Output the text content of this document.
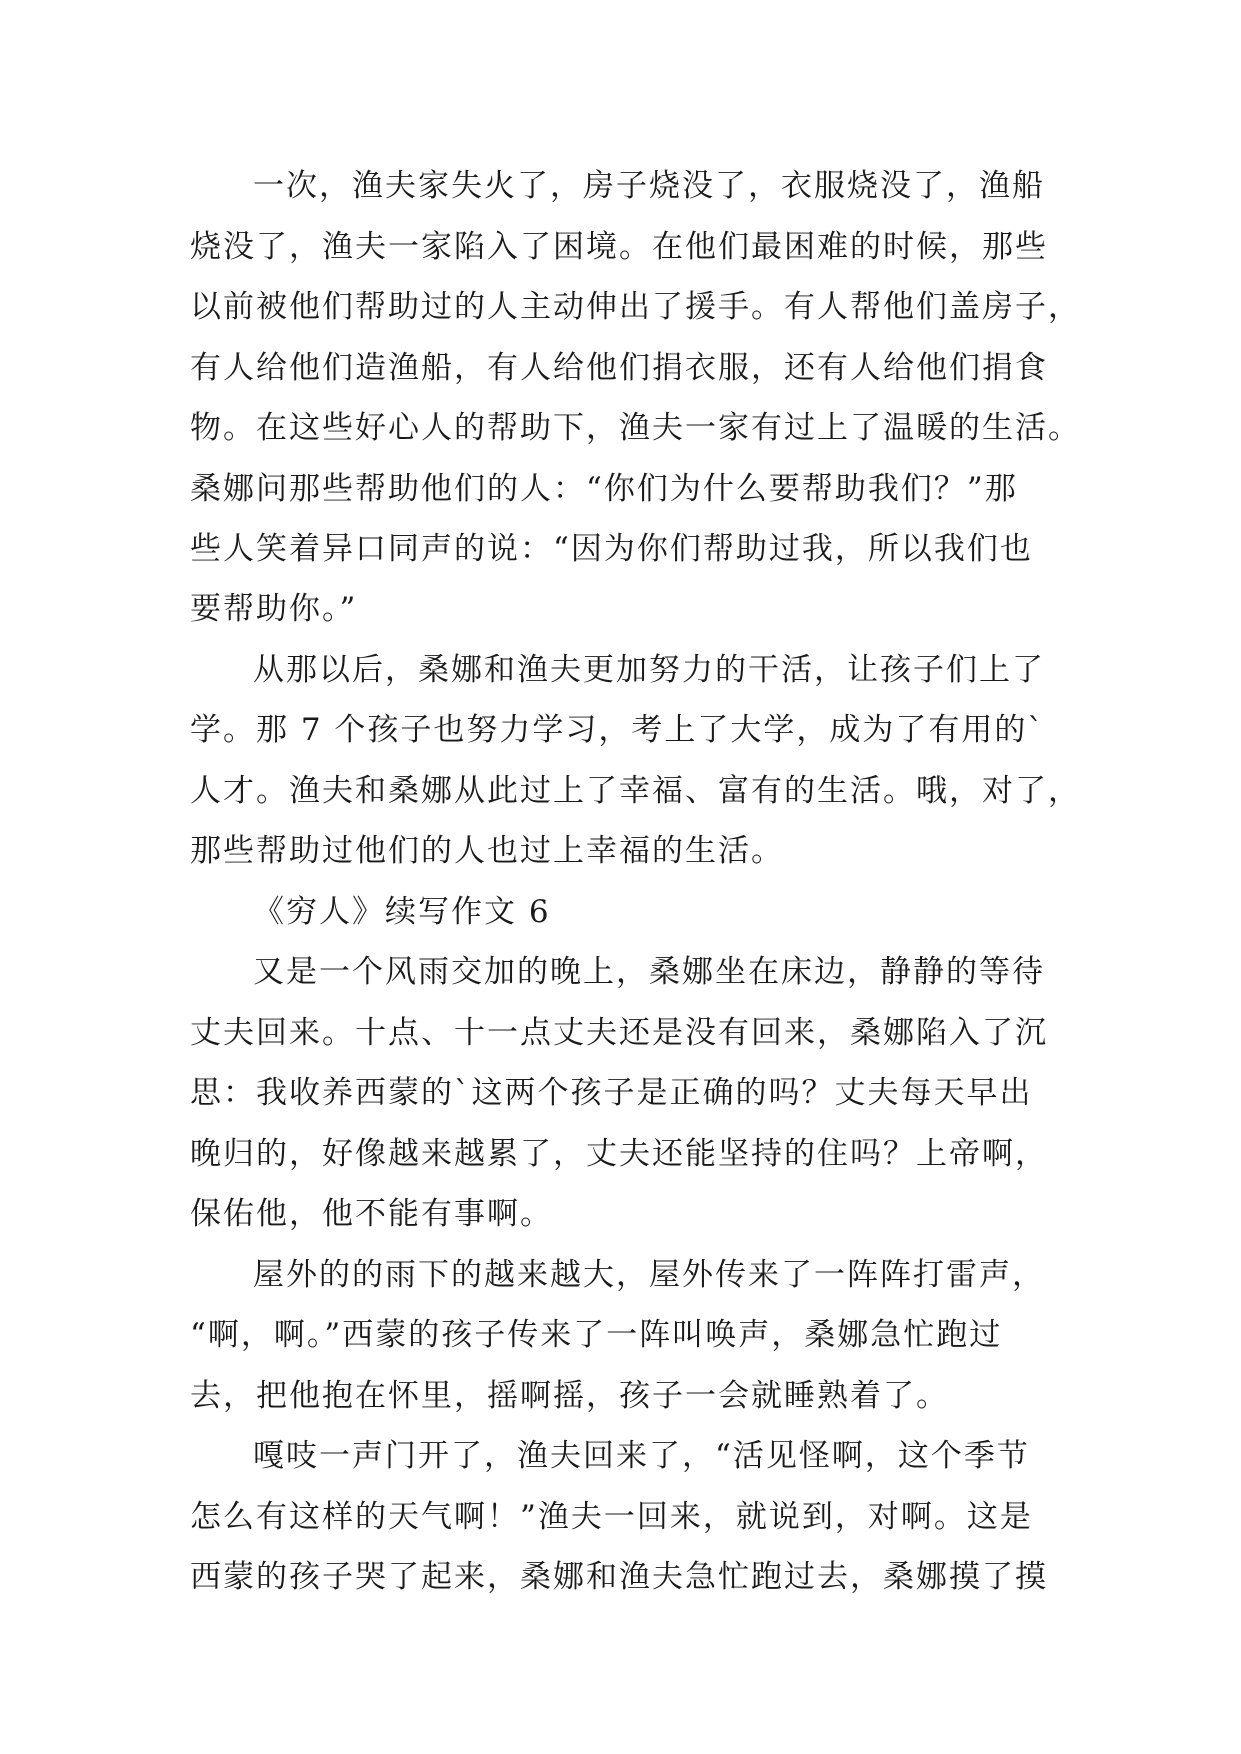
一次，渔夫家失火了，房子烧没了，衣服烧没了，渔船
烧没了，渔夫一家陷入了困境。在他们最困难的时候，那些
以前被他们帮助过的人主动伸出了援手。有人帮他们盖房子，
有人给他们造渔船，有人给他们捐衣服，还有人给他们捐食
物。在这些好心人的帮助下，渔夫一家有过上了温暖的生活。
桑娜问那些帮助他们的人：“你们为什么要帮助我们？”那
些人笑着异口同声的说：“因为你们帮助过我，所以我们也
要帮助你。”
从那以后，桑娜和渔夫更加努力的干活，让孩子们上了
学。那 7 个孩子也努力学习，考上了大学，成为了有用的`
人才。渔夫和桑娜从此过上了幸福、富有的生活。哦，对了，
那些帮助过他们的人也过上幸福的生活。
《穷人》续写作文 6
又是一个风雨交加的晚上，桑娜坐在床边，静静的等待
丈夫回来。十点、十一点丈夫还是没有回来，桑娜陷入了沉
思：我收养西蒙的`这两个孩子是正确的吗？丈夫每天早出
晚归的，好像越来越累了，丈夫还能坚持的住吗？上帝啊，
保佑他，他不能有事啊。
屋外的的雨下的越来越大，屋外传来了一阵阵打雷声，
“啊，啊。”西蒙的孩子传来了一阵叫唤声，桑娜急忙跑过
去，把他抱在怀里，摇啊摇，孩子一会就睡熟着了。
嘎吱一声门开了，渔夫回来了，“活见怪啊，这个季节
怎么有这样的天气啊！”渔夫一回来，就说到，对啊。这是
西蒙的孩子哭了起来，桑娜和渔夫急忙跑过去，桑娜摸了摸
